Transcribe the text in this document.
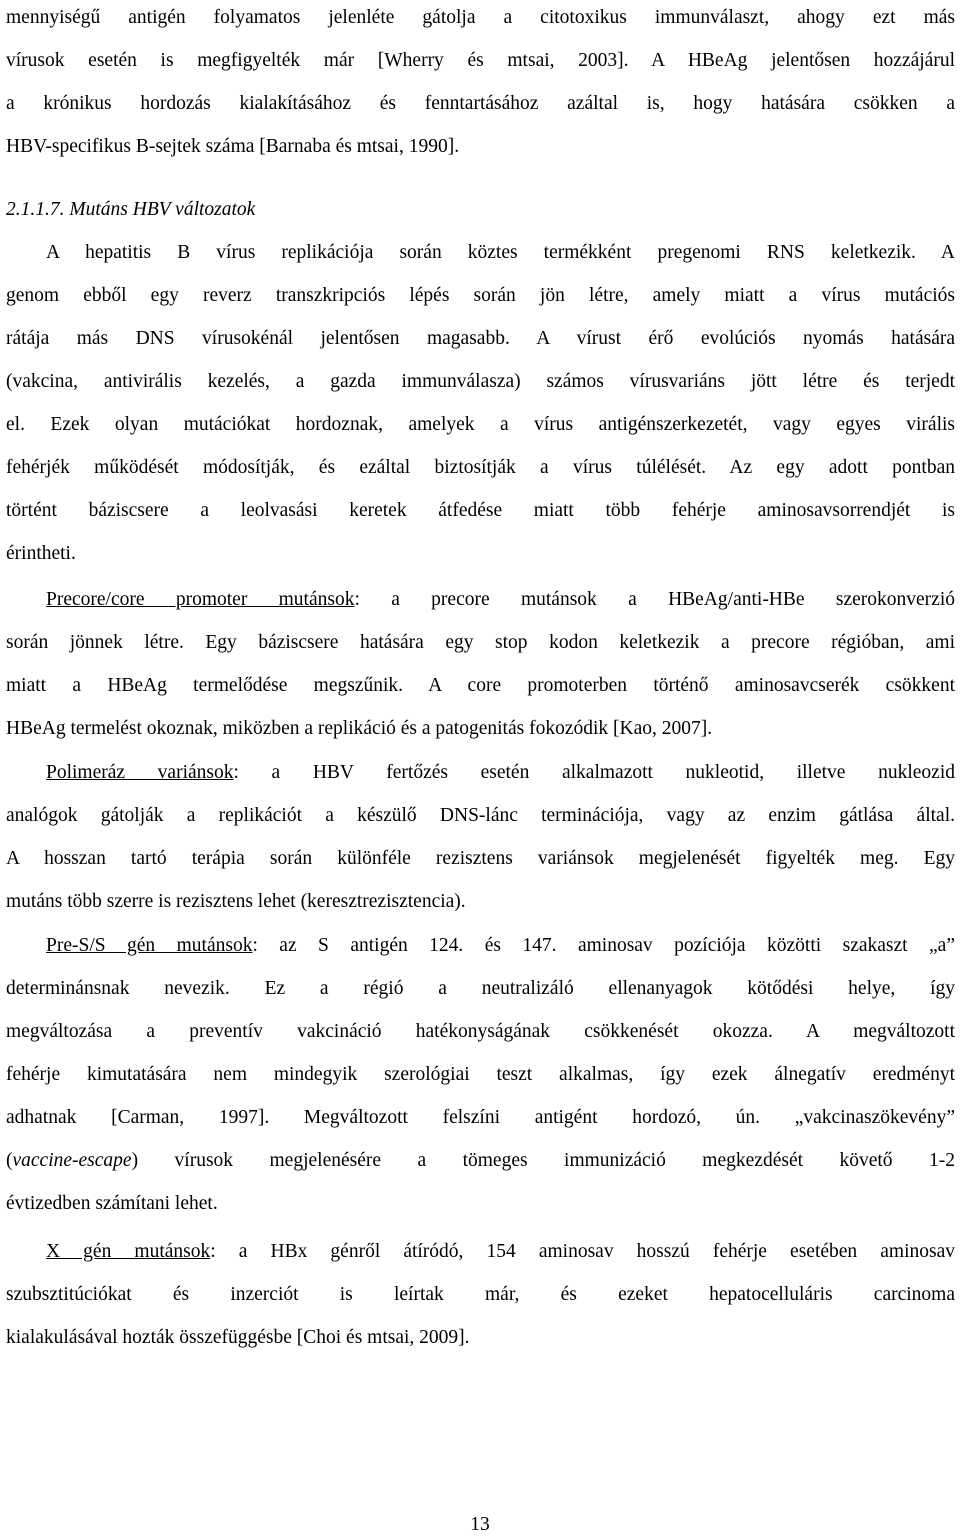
mennyiségű antigén folyamatos jelenléte gátolja a citotoxikus immunválaszt, ahogy ezt más
vírusok esetén is megfigyelték már [Wherry és mtsai, 2003]. A HBeAg jelentősen hozzájárul
a krónikus hordozás kialakításához és fenntartásához azáltal is, hogy hatására csökken a
HBV-specifikus B-sejtek száma [Barnaba és mtsai, 1990].
2.1.1.7. Mutáns HBV változatok
A hepatitis B vírus replikációja során köztes termékként pregenomi RNS keletkezik. A
genom ebből egy reverz transzkripciós lépés során jön létre, amely miatt a vírus mutációs
rátája más DNS vírusokénál jelentősen magasabb. A vírust érő evolúciós nyomás hatására
(vakcina, antivirális kezelés, a gazda immunválasza) számos vírusvariáns jött létre és terjedt
el. Ezek olyan mutációkat hordoznak, amelyek a vírus antigénszerkezetét, vagy egyes virális
fehérjék működését módosítják, és ezáltal biztosítják a vírus túlélését. Az egy adott pontban
történt báziscsere a leolvasási keretek átfedése miatt több fehérje aminosavsorrendjét is
érintheti.
Precore/core promoter mutánsok: a precore mutánsok a HBeAg/anti-HBe szerokonverzió
során jönnek létre. Egy báziscsere hatására egy stop kodon keletkezik a precore régióban, ami
miatt a HBeAg termelődése megszűnik. A core promoterben történő aminosavcserék csökkent
HBeAg termelést okoznak, miközben a replikáció és a patogenitás fokozódik [Kao, 2007].
Polimeráz variánsok: a HBV fertőzés esetén alkalmazott nukleotid, illetve nukleozid
analógok gátolják a replikációt a készülő DNS-lánc terminációja, vagy az enzim gátlása által.
A hosszan tartó terápia során különféle rezisztens variánsok megjelenését figyelték meg. Egy
mutáns több szerre is rezisztens lehet (keresztrezisztencia).
Pre-S/S gén mutánsok: az S antigén 124. és 147. aminosav pozíciója közötti szakaszt „a”
determinánsnak nevezik. Ez a régió a neutralizáló ellenanyagok kötődési helye, így
megváltozása a preventív vakcináció hatékonyságának csökkenését okozza. A megváltozott
fehérje kimutatására nem mindegyik szerológiai teszt alkalmas, így ezek álnegatív eredményt
adhatnak [Carman, 1997]. Megváltozott felszíni antigént hordozó, ún. „vakcinaszökevény”
(vaccine-escape) vírusok megjelenésére a tömeges immunizáció megkezdését követő 1-2
évtizedben számítani lehet.
X gén mutánsok: a HBx génről átíródó, 154 aminosav hosszú fehérje esetében aminosav
szubsztitúciókat és inzerciót is leírtak már, és ezeket hepatocelluláris carcinoma
kialakulásával hozták összefüggésbe [Choi és mtsai, 2009].
13
